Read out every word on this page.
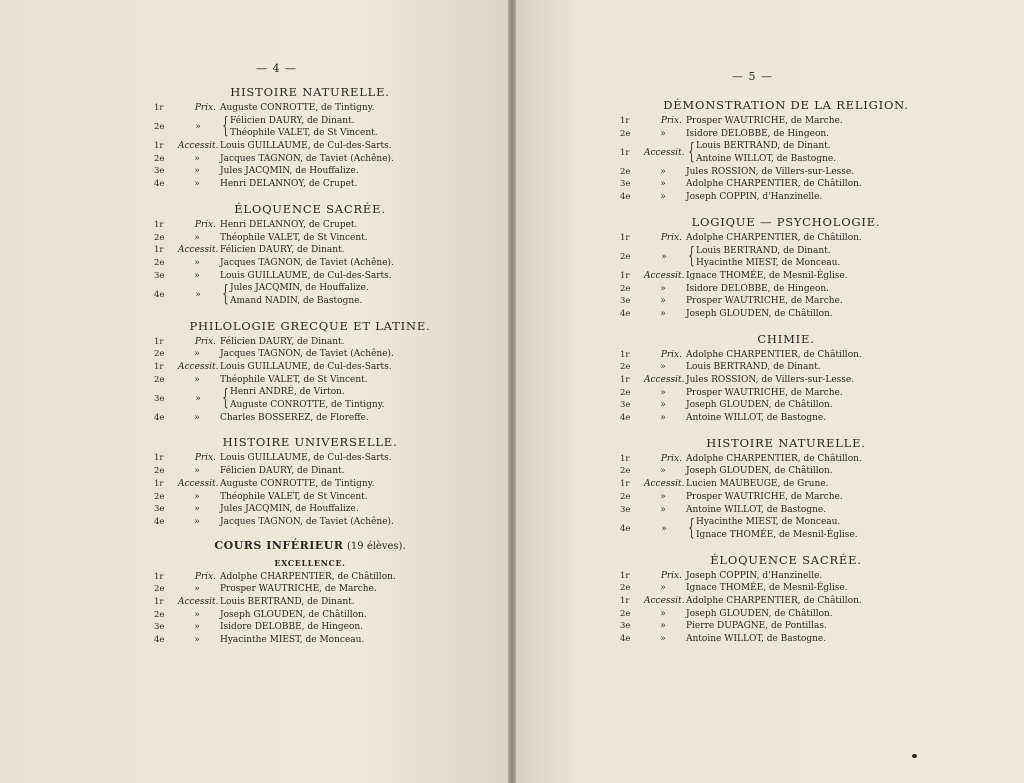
— 4 —
HISTOIRE NATURELLE.
1r	Prix. Auguste CONROTTE, de Tintigny.
2e	» { Félicien DAURY, de Dinant.
Théophile VALET, de St Vincent.
1r	Accessit. Louis GUILLAUME, de Cul-des-Sarts.
2e	»	Jacques TAGNON, de Taviet (Achêne).
3e	»	Jules JACQMIN, de Houffalize.
4e	»	Henri DELANNOY, de Crupet.
ÉLOQUENCE SACRÉE.
1r	Prix. Henri DELANNOY, de Crupet.
2e	»	Théophile VALET, de St Vincent.
1r	Accessit. Félicien DAURY, de Dinant.
2e	»	Jacques TAGNON, de Taviet (Achêne).
3e	»	Louis GUILLAUME, de Cul-des-Sarts.
4e	» { Jules JACQMIN, de Houffalize.
Amand NADIN, de Bastogne.
PHILOLOGIE GRECQUE ET LATINE.
1r	Prix. Félicien DAURY, de Dinant.
2e	»	Jacques TAGNON, de Taviet (Achêne).
1r	Accessit. Louis GUILLAUME, de Cul-des-Sarts.
2e	»	Théophile VALET, de St Vincent.
3e	» { Henri ANDRÉ, de Virton.
Auguste CONROTTE, de Tintigny.
4e	»	Charles BOSSEREZ, de Floreffe.
HISTOIRE UNIVERSELLE.
1r	Prix. Louis GUILLAUME, de Cul-des-Sarts.
2e	»	Félicien DAURY, de Dinant.
1r	Accessit. Auguste CONROTTE, de Tintigny.
2e	»	Théophile VALET, de St Vincent.
3e	»	Jules JACQMIN, de Houffalize.
4e	»	Jacques TAGNON, de Taviet (Achêne).
COURS INFÉRIEUR (19 élèves).
EXCELLENCE.
1r	Prix. Adolphe CHARPENTIER, de Châtillon.
2e	»	Prosper WAUTRICHE, de Marche.
1r	Accessit. Louis BERTRAND, de Dinant.
2e	»	Joseph GLOUDEN, de Châtillon.
3e	»	Isidore DELOBBE, de Hingeon.
4e	»	Hyacinthe MIEST, de Monceau.
— 5 —
DÉMONSTRATION DE LA RELIGION.
1r	Prix. Prosper WAUTRICHE, de Marche.
2e	»	Isidore DELOBBE, de Hingeon.
1r	Accessit. { Louis BERTRAND, de Dinant.
Antoine WILLOT, de Bastogne.
2e	»	Jules ROSSION, de Villers-sur-Lesse.
3e	»	Adolphe CHARPENTIER, de Châtillon.
4e	»	Joseph COPPIN, d'Hanzinelle.
LOGIQUE — PSYCHOLOGIE.
1r	Prix. Adolphe CHARPENTIER, de Châtillon.
2e	» { Louis BERTRAND, de Dinant.
Hyacinthe MIEST, de Monceau.
1r	Accessit. Ignace THOMÉE, de Mesnil-Église.
2e	»	Isidore DELOBBE, de Hingeon.
3e	»	Prosper WAUTRICHE, de Marche.
4e	»	Joseph GLOUDEN, de Châtillon.
CHIMIE.
1r	Prix. Adolphe CHARPENTIER, de Châtillon.
2e	»	Louis BERTRAND, de Dinant.
1r	Accessit. Jules ROSSION, de Villers-sur-Lesse.
2e	»	Prosper WAUTRICHE, de Marche.
3e	»	Joseph GLOUDEN, de Châtillon.
4e	»	Antoine WILLOT, de Bastogne.
HISTOIRE NATURELLE.
1r	Prix. Adolphe CHARPENTIER, de Châtillon.
2e	»	Joseph GLOUDEN, de Châtillon.
1r	Accessit. Lucien MAUBEUGE, de Grune.
2e	»	Prosper WAUTRICHE, de Marche.
3e	»	Antoine WILLOT, de Bastogne.
4e	» { Hyacinthe MIEST, de Monceau.
Ignace THOMÉE, de Mesnil-Église.
ÉLOQUENCE SACRÉE.
1r	Prix. Joseph COPPIN, d'Hanzinelle.
2e	»	Ignace THOMÉE, de Mesnil-Église.
1r	Accessit. Adolphe CHARPENTIER, de Châtillon.
2e	»	Joseph GLOUDEN, de Châtillon.
3e	»	Pierre DUPAGNE, de Pontillas.
4e	»	Antoine WILLOT, de Bastogne.
